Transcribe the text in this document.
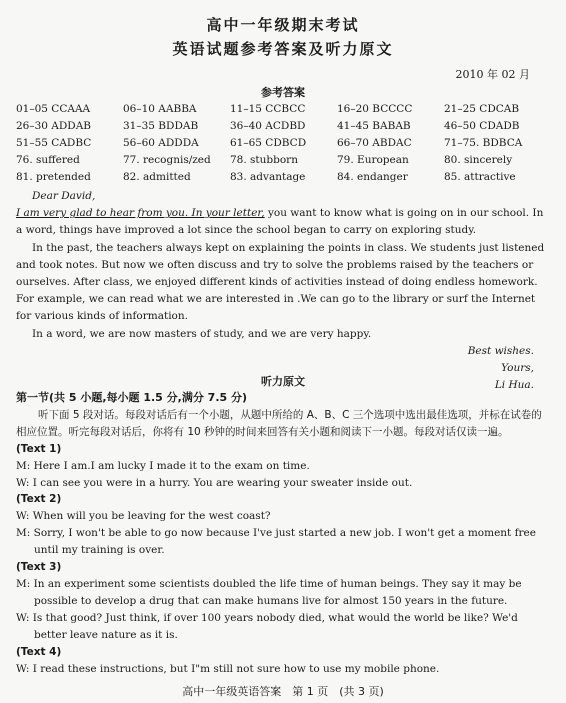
高中一年级期末考试
英语试题参考答案及听力原文
2010 年 02 月
参考答案
01–05 CCAAA	06–10 AABBA	11–15 CCBCC	16–20 BCCCC	21–25 CDCAB
26–30 ADDAB	31–35 BDDAB	36–40 ACDBD	41–45 BABAB	46–50 CDADB
51–55 CADBC	56–60 ADDDA	61–65 CDBCD	66–70 ABDAC	71–75. BDBCA
76. suffered	77. recognis/zed	78. stubborn	79. European	80. sincerely
81. pretended	82. admitted	83. advantage	84. endanger	85. attractive

Dear David,

I am very glad to hear from you. In your letter, you want to know what is going on in our school. In a word, things have improved a lot since the school began to carry on exploring study.

In the past, the teachers always kept on explaining the points in class. We students just listened and took notes. But now we often discuss and try to solve the problems raised by the teachers or ourselves. After class, we enjoyed different kinds of activities instead of doing endless homework. For example, we can read what we are interested in .We can go to the library or surf the Internet for various kinds of information.

In a word, we are now masters of study, and we are very happy.

Best wishes.

Yours,

Li Hua.

听力原文

第一节(共 5 小题,每小题 1.5 分,满分 7.5 分)

听下面 5 段对话。每段对话后有一个小题，从题中所给的 A、B、C 三个选项中选出最佳选项，并标在试卷的相应位置。听完每段对话后，你将有 10 秒钟的时间来回答有关小题和阅读下一小题。每段对话仅读一遍。

(Text 1)

M: Here I am.I am lucky I made it to the exam on time.

W: I can see you were in a hurry. You are wearing your sweater inside out.

(Text 2)

W: When will you be leaving for the west coast?

M: Sorry, I won't be able to go now because I've just started a new job. I won't get a moment free until my training is over.

(Text 3)

M: In an experiment some scientists doubled the life time of human beings. They say it may be possible to develop a drug that can make humans live for almost 150 years in the future.

W: Is that good? Just think, if over 100 years nobody died, what would the world be like? We'd better leave nature as it is.

(Text 4)

W: I read these instructions, but I"m still not sure how to use my mobile phone.

高中一年级英语答案　第 1 页　(共 3 页)
